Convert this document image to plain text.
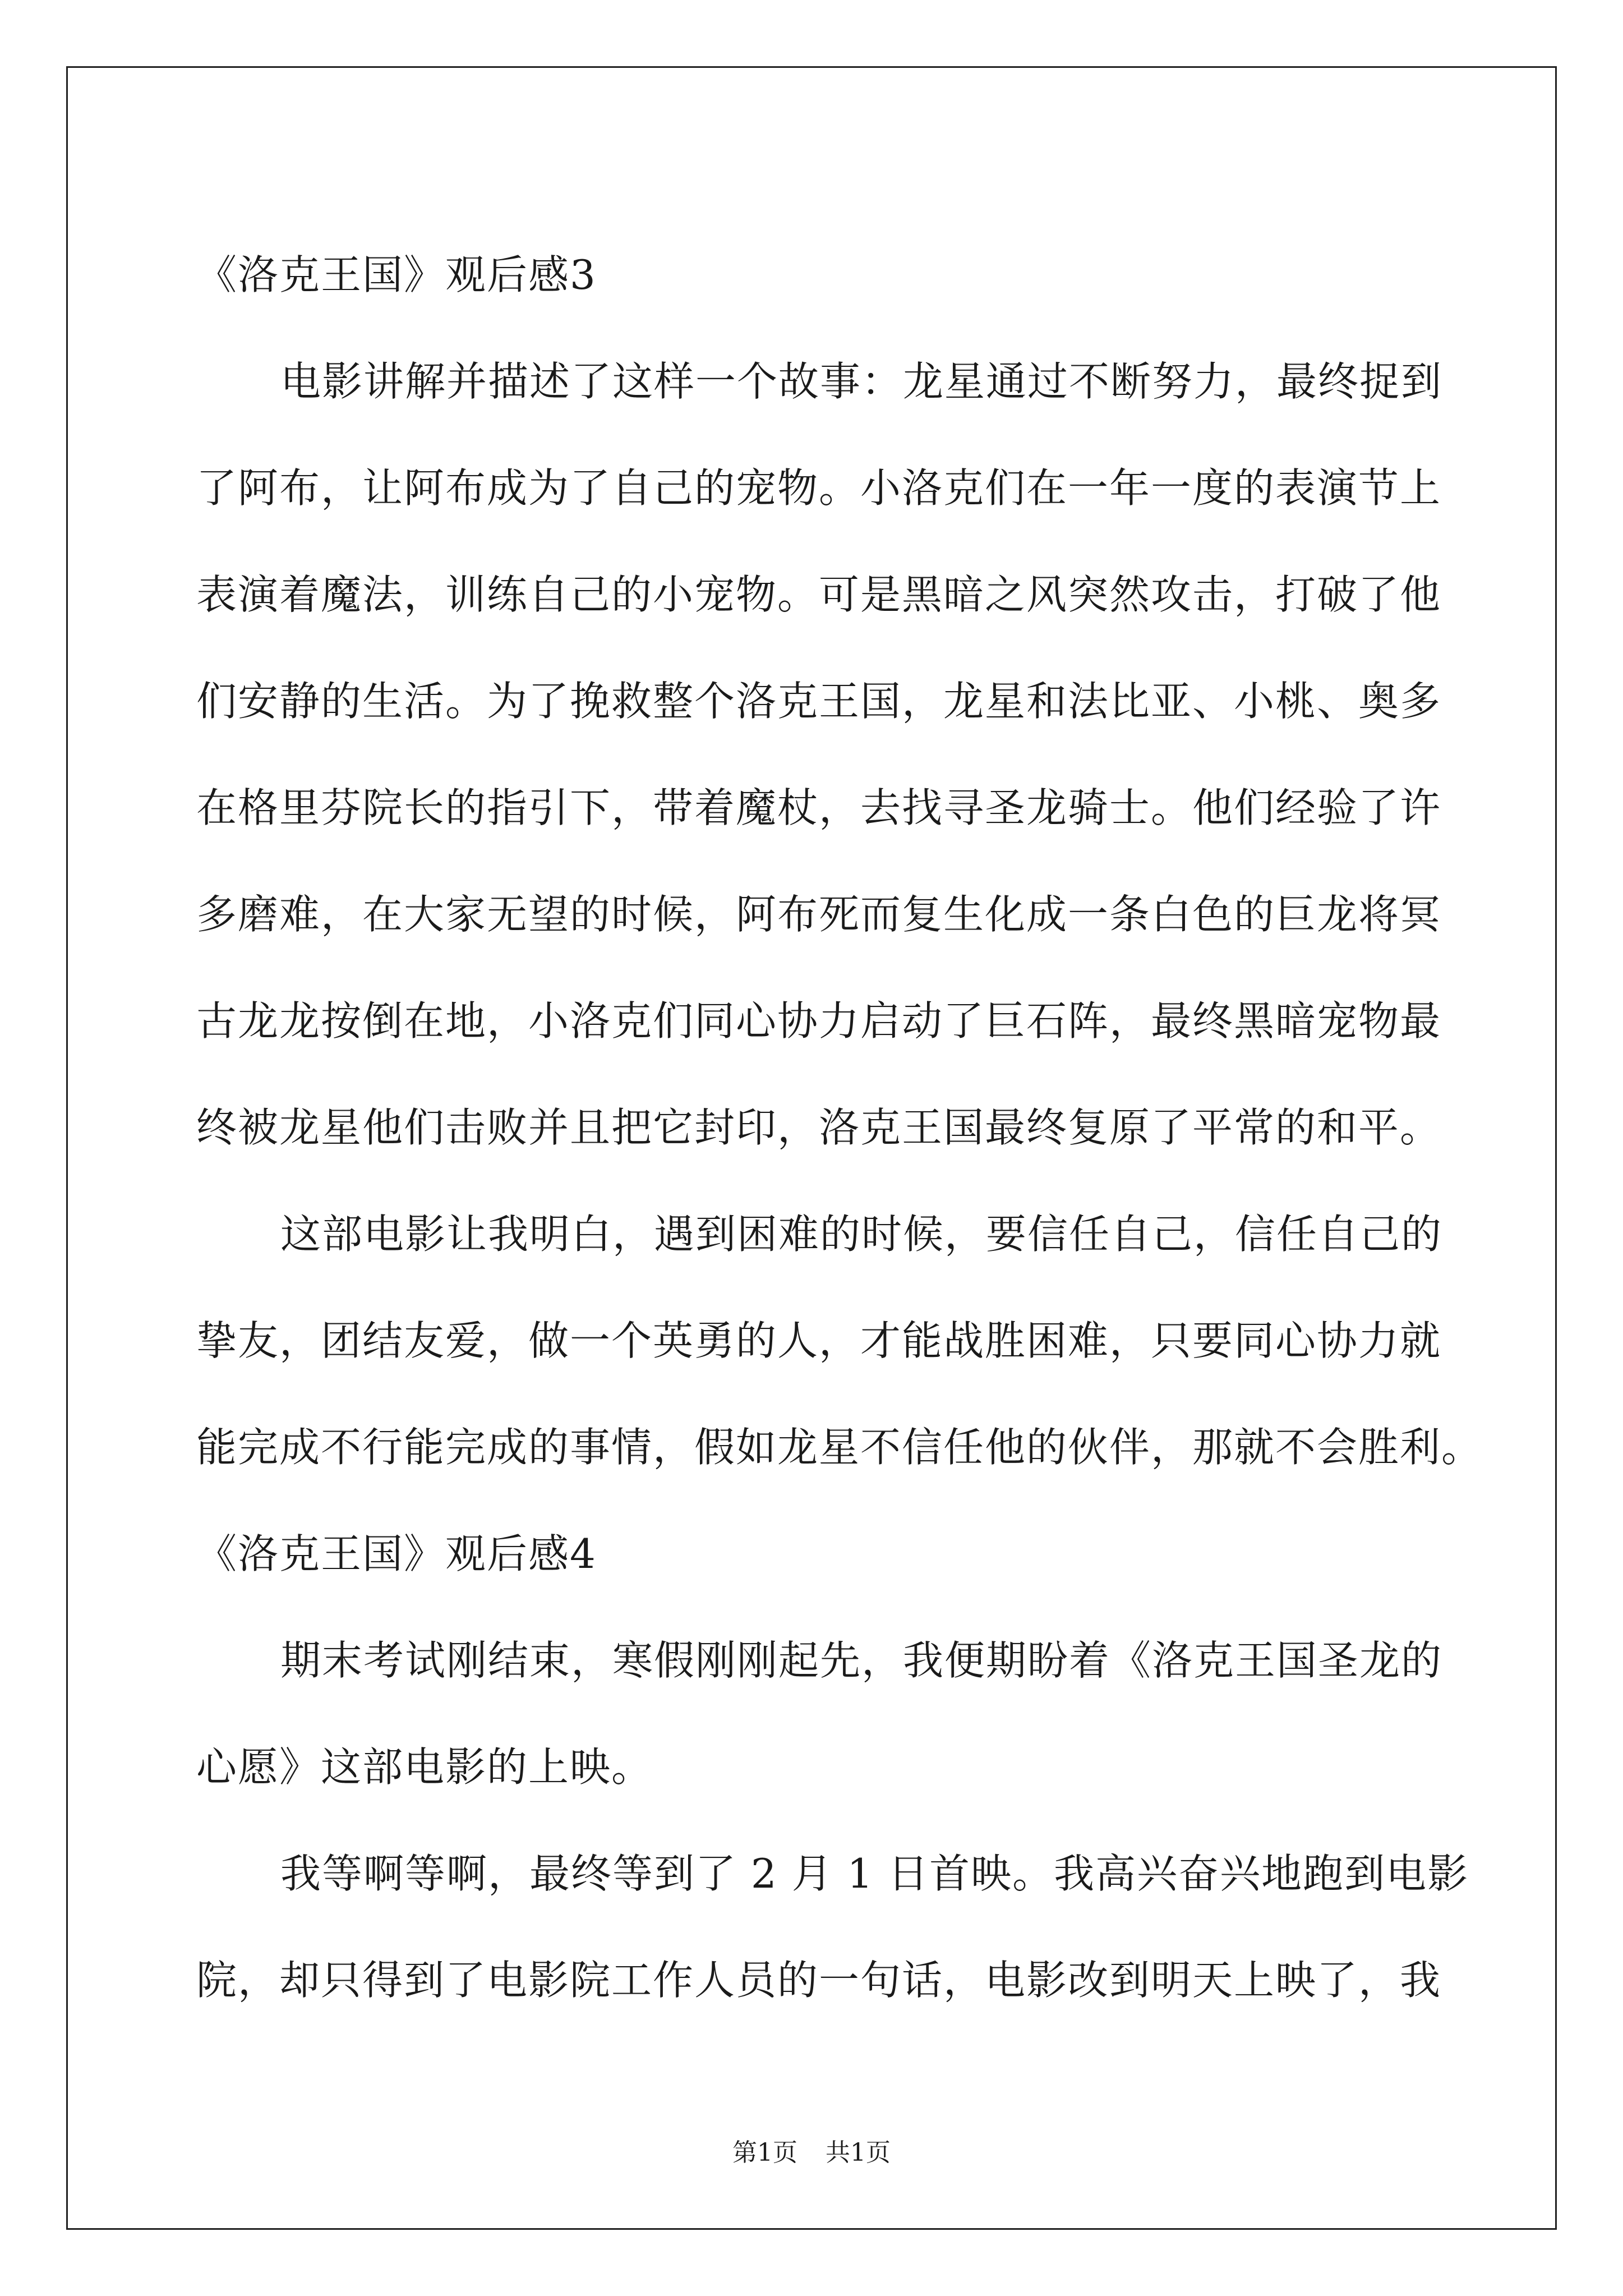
《洛克王国》观后感3
电影讲解并描述了这样一个故事：龙星通过不断努力，最终捉到
了阿布，让阿布成为了自己的宠物。小洛克们在一年一度的表演节上
表演着魔法，训练自己的小宠物。可是黑暗之风突然攻击，打破了他
们安静的生活。为了挽救整个洛克王国，龙星和法比亚、小桃、奥多
在格里芬院长的指引下，带着魔杖，去找寻圣龙骑士。他们经验了许
多磨难，在大家无望的时候，阿布死而复生化成一条白色的巨龙将冥
古龙龙按倒在地，小洛克们同心协力启动了巨石阵，最终黑暗宠物最
终被龙星他们击败并且把它封印，洛克王国最终复原了平常的和平。
这部电影让我明白，遇到困难的时候，要信任自己，信任自己的
挚友，团结友爱，做一个英勇的人，才能战胜困难，只要同心协力就
能完成不行能完成的事情，假如龙星不信任他的伙伴，那就不会胜利。
《洛克王国》观后感4
期末考试刚结束，寒假刚刚起先，我便期盼着《洛克王国圣龙的
心愿》这部电影的上映。
我等啊等啊，最终等到了 2 月 1 日首映。我高兴奋兴地跑到电影
院，却只得到了电影院工作人员的一句话，电影改到明天上映了，我
第1页 共1页
